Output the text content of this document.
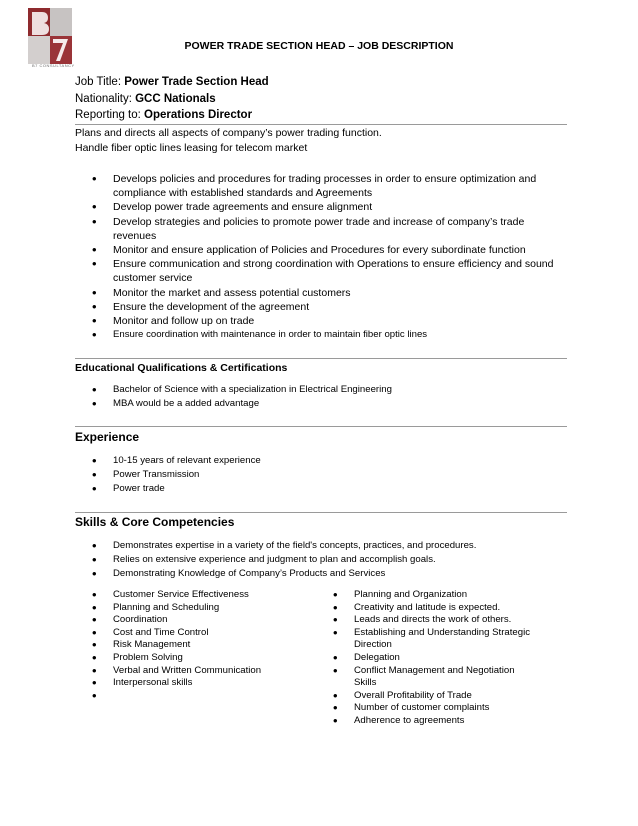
B7 CONSULTANCY
POWER TRADE SECTION HEAD – JOB DESCRIPTION
Job Title: Power Trade Section Head
Nationality: GCC Nationals
Reporting to: Operations Director
Plans and directs all aspects of company’s power trading function.
Handle fiber optic lines leasing for telecom market
• Develops policies and procedures for trading processes in order to ensure optimization and
compliance with established standards and Agreements
• Develop power trade agreements and ensure alignment
• Develop strategies and policies to promote power trade and increase of company’s trade
revenues
• Monitor and ensure application of Policies and Procedures for every subordinate function
• Ensure communication and strong coordination with Operations to ensure efficiency and sound
customer service
• Monitor the market and assess potential customers
• Ensure the development of the agreement
• Monitor and follow up on trade
• Ensure coordination with maintenance in order to maintain fiber optic lines
Educational Qualifications & Certifications
• Bachelor of Science with a specialization in Electrical Engineering
• MBA would be a added advantage
Experience
• 10-15 years of relevant experience
• Power Transmission
• Power trade
Skills & Core Competencies
• Demonstrates expertise in a variety of the field's concepts, practices, and procedures.
• Relies on extensive experience and judgment to plan and accomplish goals.
• Demonstrating Knowledge of Company’s Products and Services
• Customer Service Effectiveness
• Planning and Scheduling
• Coordination
• Cost and Time Control
• Risk Management
• Problem Solving
• Verbal and Written Communication
• Interpersonal skills
•
• Planning and Organization
• Creativity and latitude is expected.
• Leads and directs the work of others.
• Establishing and Understanding Strategic
Direction
• Delegation
• Conflict Management and Negotiation
Skills
• Overall Profitability of Trade
• Number of customer complaints
• Adherence to agreements
